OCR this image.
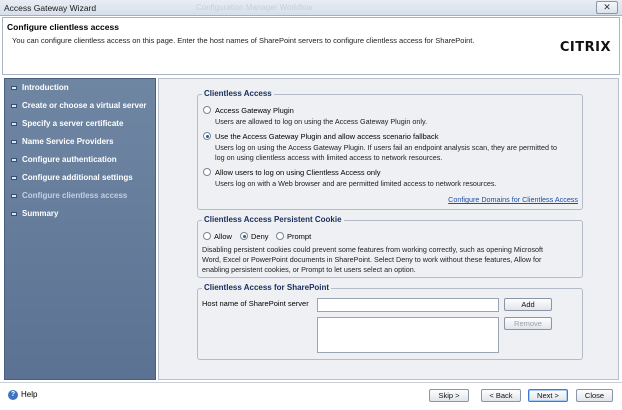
Access Gateway Wizard	Conﬁguration Manager Workﬂow	✕
Configure clientless access
You can configure clientless access on this page. Enter the host names of SharePoint servers to configure clientless access for SharePoint.	CITRIX
Introduction
Create or choose a virtual server
Specify a server certificate
Name Service Providers
Configure authentication
Configure additional settings
Configure clientless access
Summary
Clientless Access
Access Gateway Plugin
Users are allowed to log on using the Access Gateway Plugin only.
Use the Access Gateway Plugin and allow access scenario fallback
Users log on using the Access Gateway Plugin. If users fail an endpoint analysis scan, they are permitted to
log on using clientless access with limited access to network resources.
Allow users to log on using Clientless Access only
Users log on with a Web browser and are permitted limited access to network resources.
Configure Domains for Clientless Access
Clientless Access Persistent Cookie
Allow	Deny Prompt
Disabling persistent cookies could prevent some features from working correctly, such as opening Microsoft
Word, Excel or PowerPoint documents in SharePoint. Select Deny to work without these features, Allow for
enabling persistent cookies, or Prompt to let users select an option.
Clientless Access for SharePoint
Host name of SharePoint server	Add
Remove
? Help	Skip >	< Back	Next >	Close
